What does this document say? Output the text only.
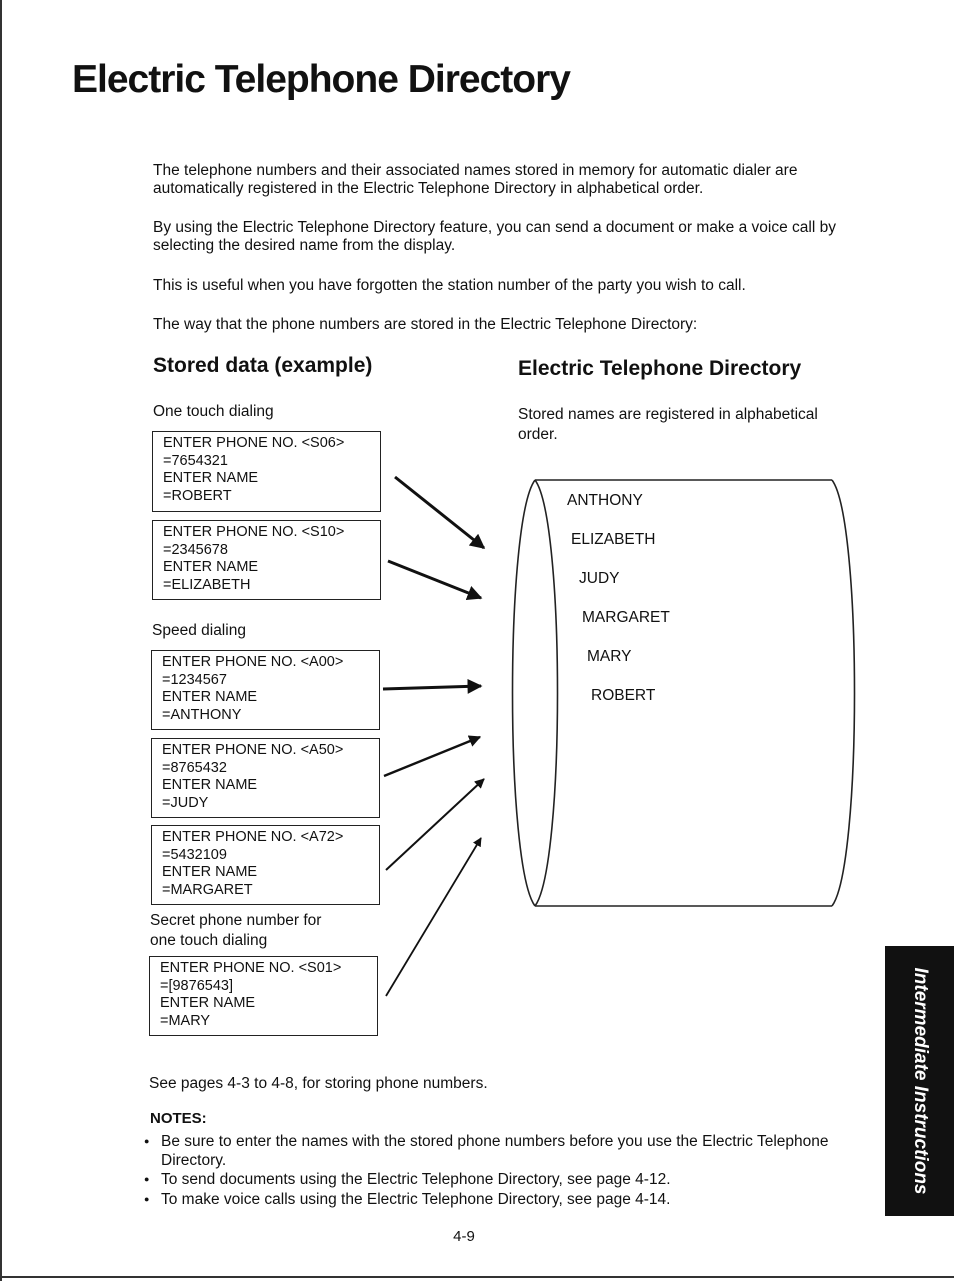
Electric Telephone Directory

The telephone numbers and their associated names stored in memory for automatic dialer are automatically registered in the Electric Telephone Directory in alphabetical order.

By using the Electric Telephone Directory feature, you can send a document or make a voice call by selecting the desired name from the display.

This is useful when you have forgotten the station number of the party you wish to call.

The way that the phone numbers are stored in the Electric Telephone Directory:

Stored data (example)	Electric Telephone Directory

One touch dialing

ENTER PHONE NO. <S06>
=7654321
ENTER NAME
=ROBERT
ENTER PHONE NO. <S10>
=2345678
ENTER NAME
=ELIZABETH

Speed dialing

ENTER PHONE NO. <A00>
=1234567
ENTER NAME
=ANTHONY
ENTER PHONE NO. <A50>
=8765432
ENTER NAME
=JUDY
ENTER PHONE NO. <A72>
=5432109
ENTER NAME
=MARGARET

Secret phone number for

one touch dialing

ENTER PHONE NO. <S01>
=[9876543]
ENTER NAME
=MARY

Stored names are registered in alphabetical order.

ANTHONY
ELIZABETH
JUDY
MARGARET
MARY
ROBERT
Intermediate Instructions

See pages 4-3 to 4-8, for storing phone numbers.

NOTES:

● Be sure to enter the names with the stored phone numbers before you use the Electric Telephone Directory.
● To send documents using the Electric Telephone Directory, see page 4-12.
● To make voice calls using the Electric Telephone Directory, see page 4-14.

4-9
